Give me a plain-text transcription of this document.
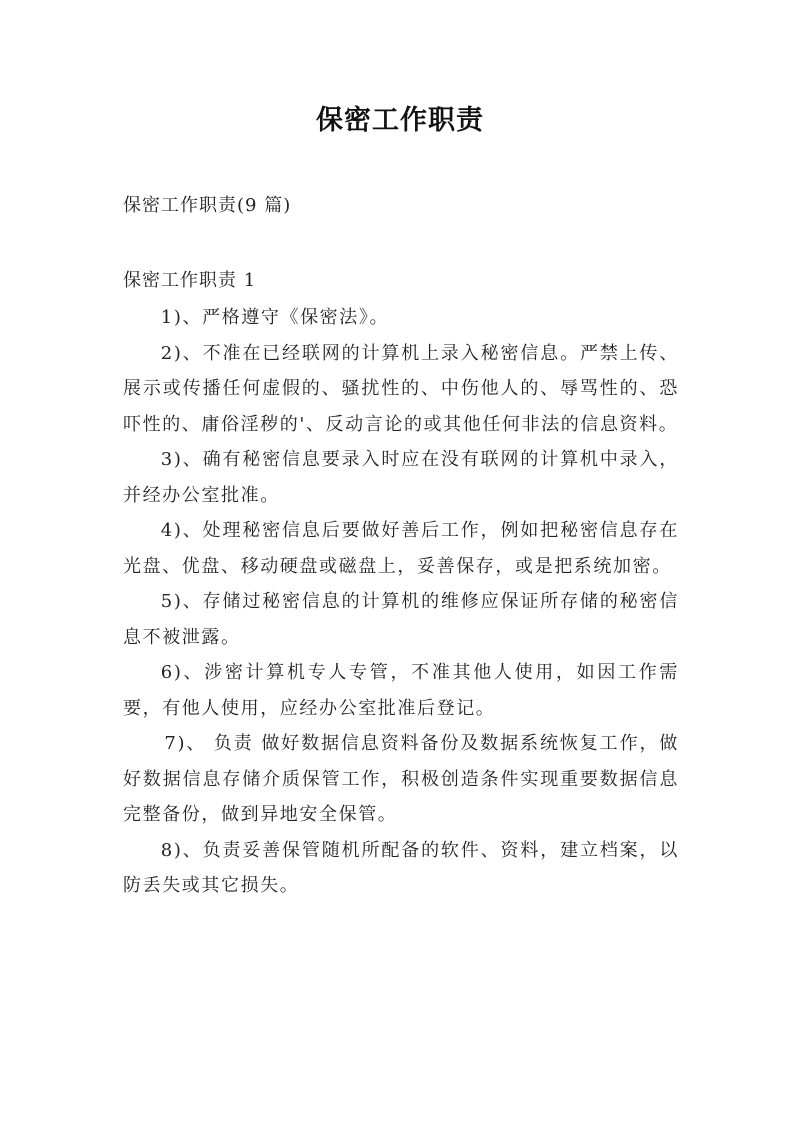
保密工作职责
保密工作职责(9 篇)
保密工作职责 1

1)、严格遵守《保密法》。

2)、不准在已经联网的计算机上录入秘密信息。严禁上传、展示或传播任何虚假的、骚扰性的、中伤他人的、辱骂性的、恐吓性的、庸俗淫秽的'、反动言论的或其他任何非法的信息资料。

3)、确有秘密信息要录入时应在没有联网的计算机中录入，并经办公室批准。

4)、处理秘密信息后要做好善后工作，例如把秘密信息存在光盘、优盘、移动硬盘或磁盘上，妥善保存，或是把系统加密。

5)、存储过秘密信息的计算机的维修应保证所存储的秘密信息不被泄露。

6)、涉密计算机专人专管，不准其他人使用，如因工作需要，有他人使用，应经办公室批准后登记。

7)、 负责 做好数据信息资料备份及数据系统恢复工作，做好数据信息存储介质保管工作，积极创造条件实现重要数据信息完整备份，做到异地安全保管。

8)、负责妥善保管随机所配备的软件、资料，建立档案，以防丢失或其它损失。
